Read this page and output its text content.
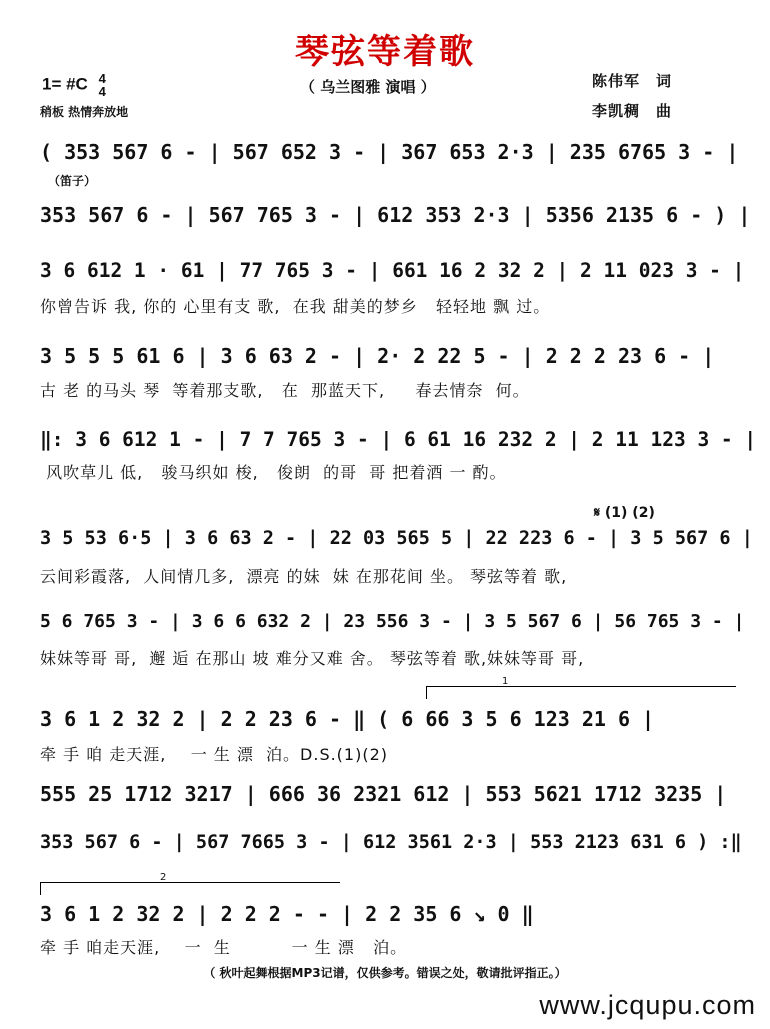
琴弦等着歌
（ 乌兰图雅 演唱 ）
1= #C 4
4
稍板 热情奔放地
陈伟军　词
李凯稠　曲
( 353 567 6 - | 567 652 3 - | 367 653 2·3 | 235 6765 3 - |
（笛子）
353 567 6 - | 567 765 3 - | 612 353 2·3 | 5356 2135 6 - ) |
3 6 612 1 · 61 | 77 765 3 - | 661 16 2 32 2 | 2 11 023 3 - |
你曾告诉 我, 你的 心里有支 歌,  在我 甜美的梦乡   轻轻地 飘 过。
3 5 5 5 61 6 | 3 6 63 2 - | 2· 2 22 5 - | 2 2 2 23 6 - |
古 老 的马头 琴  等着那支歌,   在  那蓝天下,     春去情奈  何。
‖: 3 6 612 1 - | 7 7 765 3 - | 6 61 16 232 2 | 2 11 123 3 - |
风吹草儿 低,   骏马织如 梭,   俊朗  的哥  哥 把着酒 一 酌。
𝄋 (1) (2)
3 5 53 6·5 | 3 6 63 2 - | 22 03 565 5 | 22 223 6 - | 3 5 567 6 |
云间彩霞落,  人间情几多,  漂亮 的妹  妹 在那花间 坐。 琴弦等着 歌,
5 6 765 3 - | 3 6 6 632 2 | 23 556 3 - | 3 5 567 6 | 56 765 3 - |
妹妹等哥 哥,  邂 逅 在那山 坡 难分又难 舍。 琴弦等着 歌,妹妹等哥 哥,
1
3 6 1 2 32 2 | 2 2 23 6 - ‖ ( 6 66 3 5 6 123 21 6 |
牵 手 咱 走天涯,    一 生 漂  泊。D.S.(1)(2)
555 25 1712 3217 | 666 36 2321 612 | 553 5621 1712 3235 |
353 567 6 - | 567 7665 3 - | 612 3561 2·3 | 553 2123 631 6 ) :‖
2
3 6 1 2 32 2 | 2 2 2 - - | 2 2 35 6 ↘ 0 ‖
牵 手 咱走天涯,    一  生          一 生 漂   泊。
（ 秋叶起舞根据MP3记谱，仅供参考。错误之处，敬请批评指正。）
www.jcqupu.com
